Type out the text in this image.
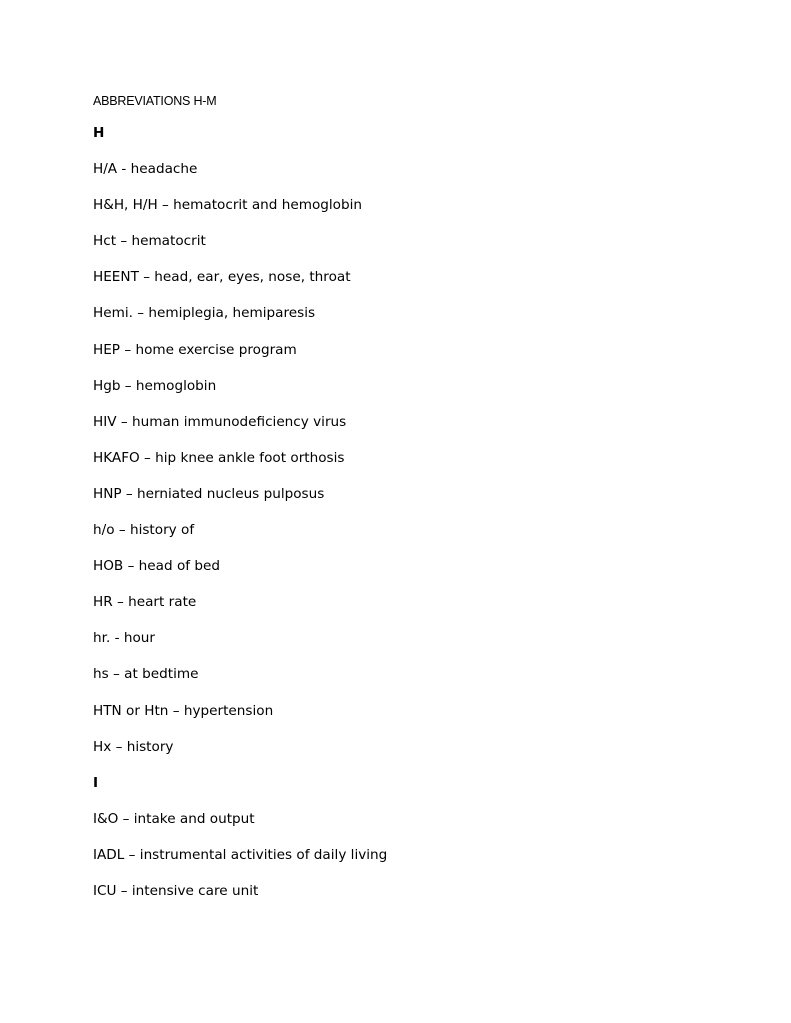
ABBREVIATIONS H-M
H
H/A - headache
H&H, H/H – hematocrit and hemoglobin
Hct – hematocrit
HEENT – head, ear, eyes, nose, throat
Hemi. – hemiplegia, hemiparesis
HEP – home exercise program
Hgb – hemoglobin
HIV – human immunodeficiency virus
HKAFO – hip knee ankle foot orthosis
HNP – herniated nucleus pulposus
h/o – history of
HOB – head of bed
HR – heart rate
hr. - hour
hs – at bedtime
HTN or Htn – hypertension
Hx – history
I
I&O – intake and output
IADL – instrumental activities of daily living
ICU – intensive care unit
